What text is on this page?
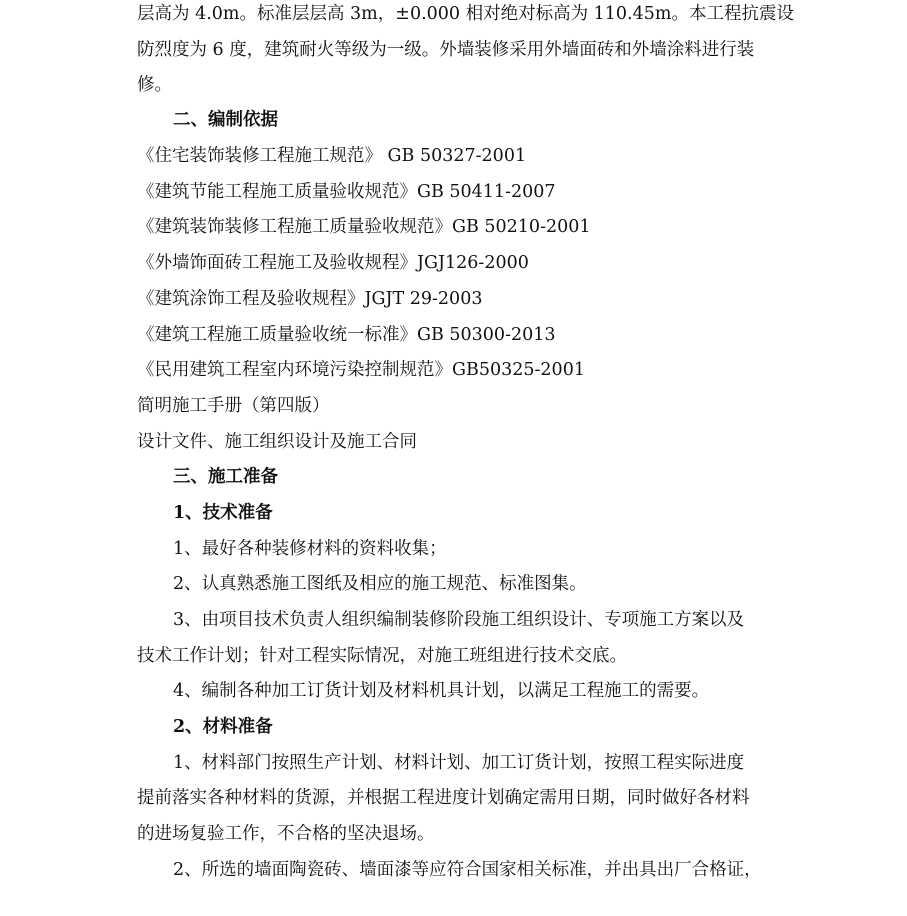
层高为 4.0m。标准层层高 3m，±0.000 相对绝对标高为 110.45m。本工程抗震设
防烈度为 6 度，建筑耐火等级为一级。外墙装修采用外墙面砖和外墙涂料进行装
修。
二、编制依据
《住宅装饰装修工程施工规范》 GB 50327-2001
《建筑节能工程施工质量验收规范》GB 50411-2007
《建筑装饰装修工程施工质量验收规范》GB 50210-2001
《外墙饰面砖工程施工及验收规程》JGJ126-2000
《建筑涂饰工程及验收规程》JGJT 29-2003
《建筑工程施工质量验收统一标准》GB 50300-2013
《民用建筑工程室内环境污染控制规范》GB50325-2001
简明施工手册（第四版）
设计文件、施工组织设计及施工合同
三、施工准备
1、技术准备
1、最好各种装修材料的资料收集；
2、认真熟悉施工图纸及相应的施工规范、标准图集。
3、由项目技术负责人组织编制装修阶段施工组织设计、专项施工方案以及
技术工作计划；针对工程实际情况，对施工班组进行技术交底。
4、编制各种加工订货计划及材料机具计划，以满足工程施工的需要。
2、材料准备
1、材料部门按照生产计划、材料计划、加工订货计划，按照工程实际进度
提前落实各种材料的货源，并根据工程进度计划确定需用日期，同时做好各材料
的进场复验工作，不合格的坚决退场。
2、所选的墙面陶瓷砖、墙面漆等应符合国家相关标准，并出具出厂合格证，
